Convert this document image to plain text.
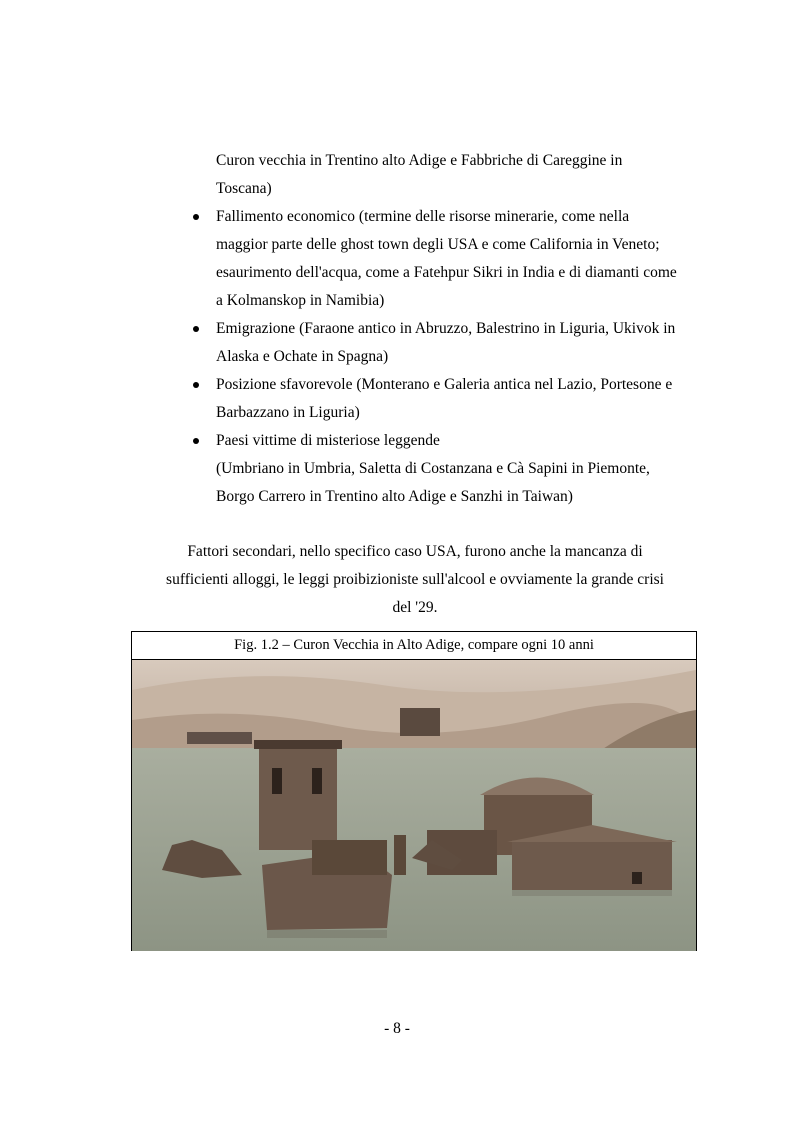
Curon vecchia in Trentino alto Adige e Fabbriche di Careggine in
Toscana)
Fallimento economico (termine delle risorse minerarie, come nella
maggior parte delle ghost town degli USA e come California in Veneto;
esaurimento dell'acqua, come a Fatehpur Sikri in India e di diamanti come
a Kolmanskop in Namibia)
Emigrazione (Faraone antico in Abruzzo, Balestrino in Liguria, Ukivok in
Alaska e Ochate in Spagna)
Posizione sfavorevole (Monterano e Galeria antica nel Lazio, Portesone e
Barbazzano in Liguria)
Paesi vittime di misteriose leggende
(Umbriano in Umbria, Saletta di Costanzana e Cà Sapini in Piemonte,
Borgo Carrero in Trentino alto Adige e Sanzhi in Taiwan)
Fattori secondari, nello specifico caso USA, furono anche la mancanza di
sufficienti alloggi, le leggi proibizioniste sull'alcool e ovviamente la grande crisi
del '29.
Fig. 1.2 – Curon Vecchia in Alto Adige, compare ogni 10 anni
- 8 -
